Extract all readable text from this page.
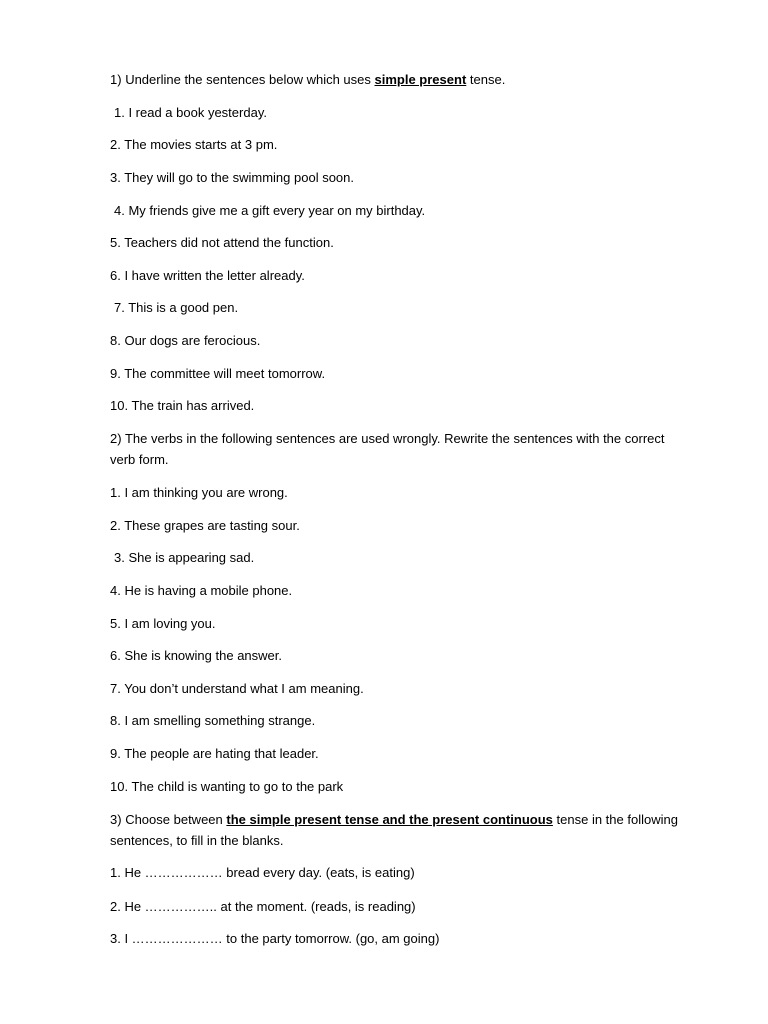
1) Underline the sentences below which uses simple present tense.
1. I read a book yesterday.
2. The movies starts at 3 pm.
3. They will go to the swimming pool soon.
4. My friends give me a gift every year on my birthday.
5. Teachers did not attend the function.
6. I have written the letter already.
7. This is a good pen.
8. Our dogs are ferocious.
9. The committee will meet tomorrow.
10. The train has arrived.
2) The verbs in the following sentences are used wrongly. Rewrite the sentences with the correct verb form.
1. I am thinking you are wrong.
2. These grapes are tasting sour.
3. She is appearing sad.
4. He is having a mobile phone.
5. I am loving you.
6. She is knowing the answer.
7. You don’t understand what I am meaning.
8. I am smelling something strange.
9. The people are hating that leader.
10. The child is wanting to go to the park
3) Choose between the simple present tense and the present continuous tense in the following sentences, to fill in the blanks.
1. He ……………… bread every day. (eats, is eating)
2. He …………….. at the moment. (reads, is reading)
3. I ………………… to the party tomorrow. (go, am going)
